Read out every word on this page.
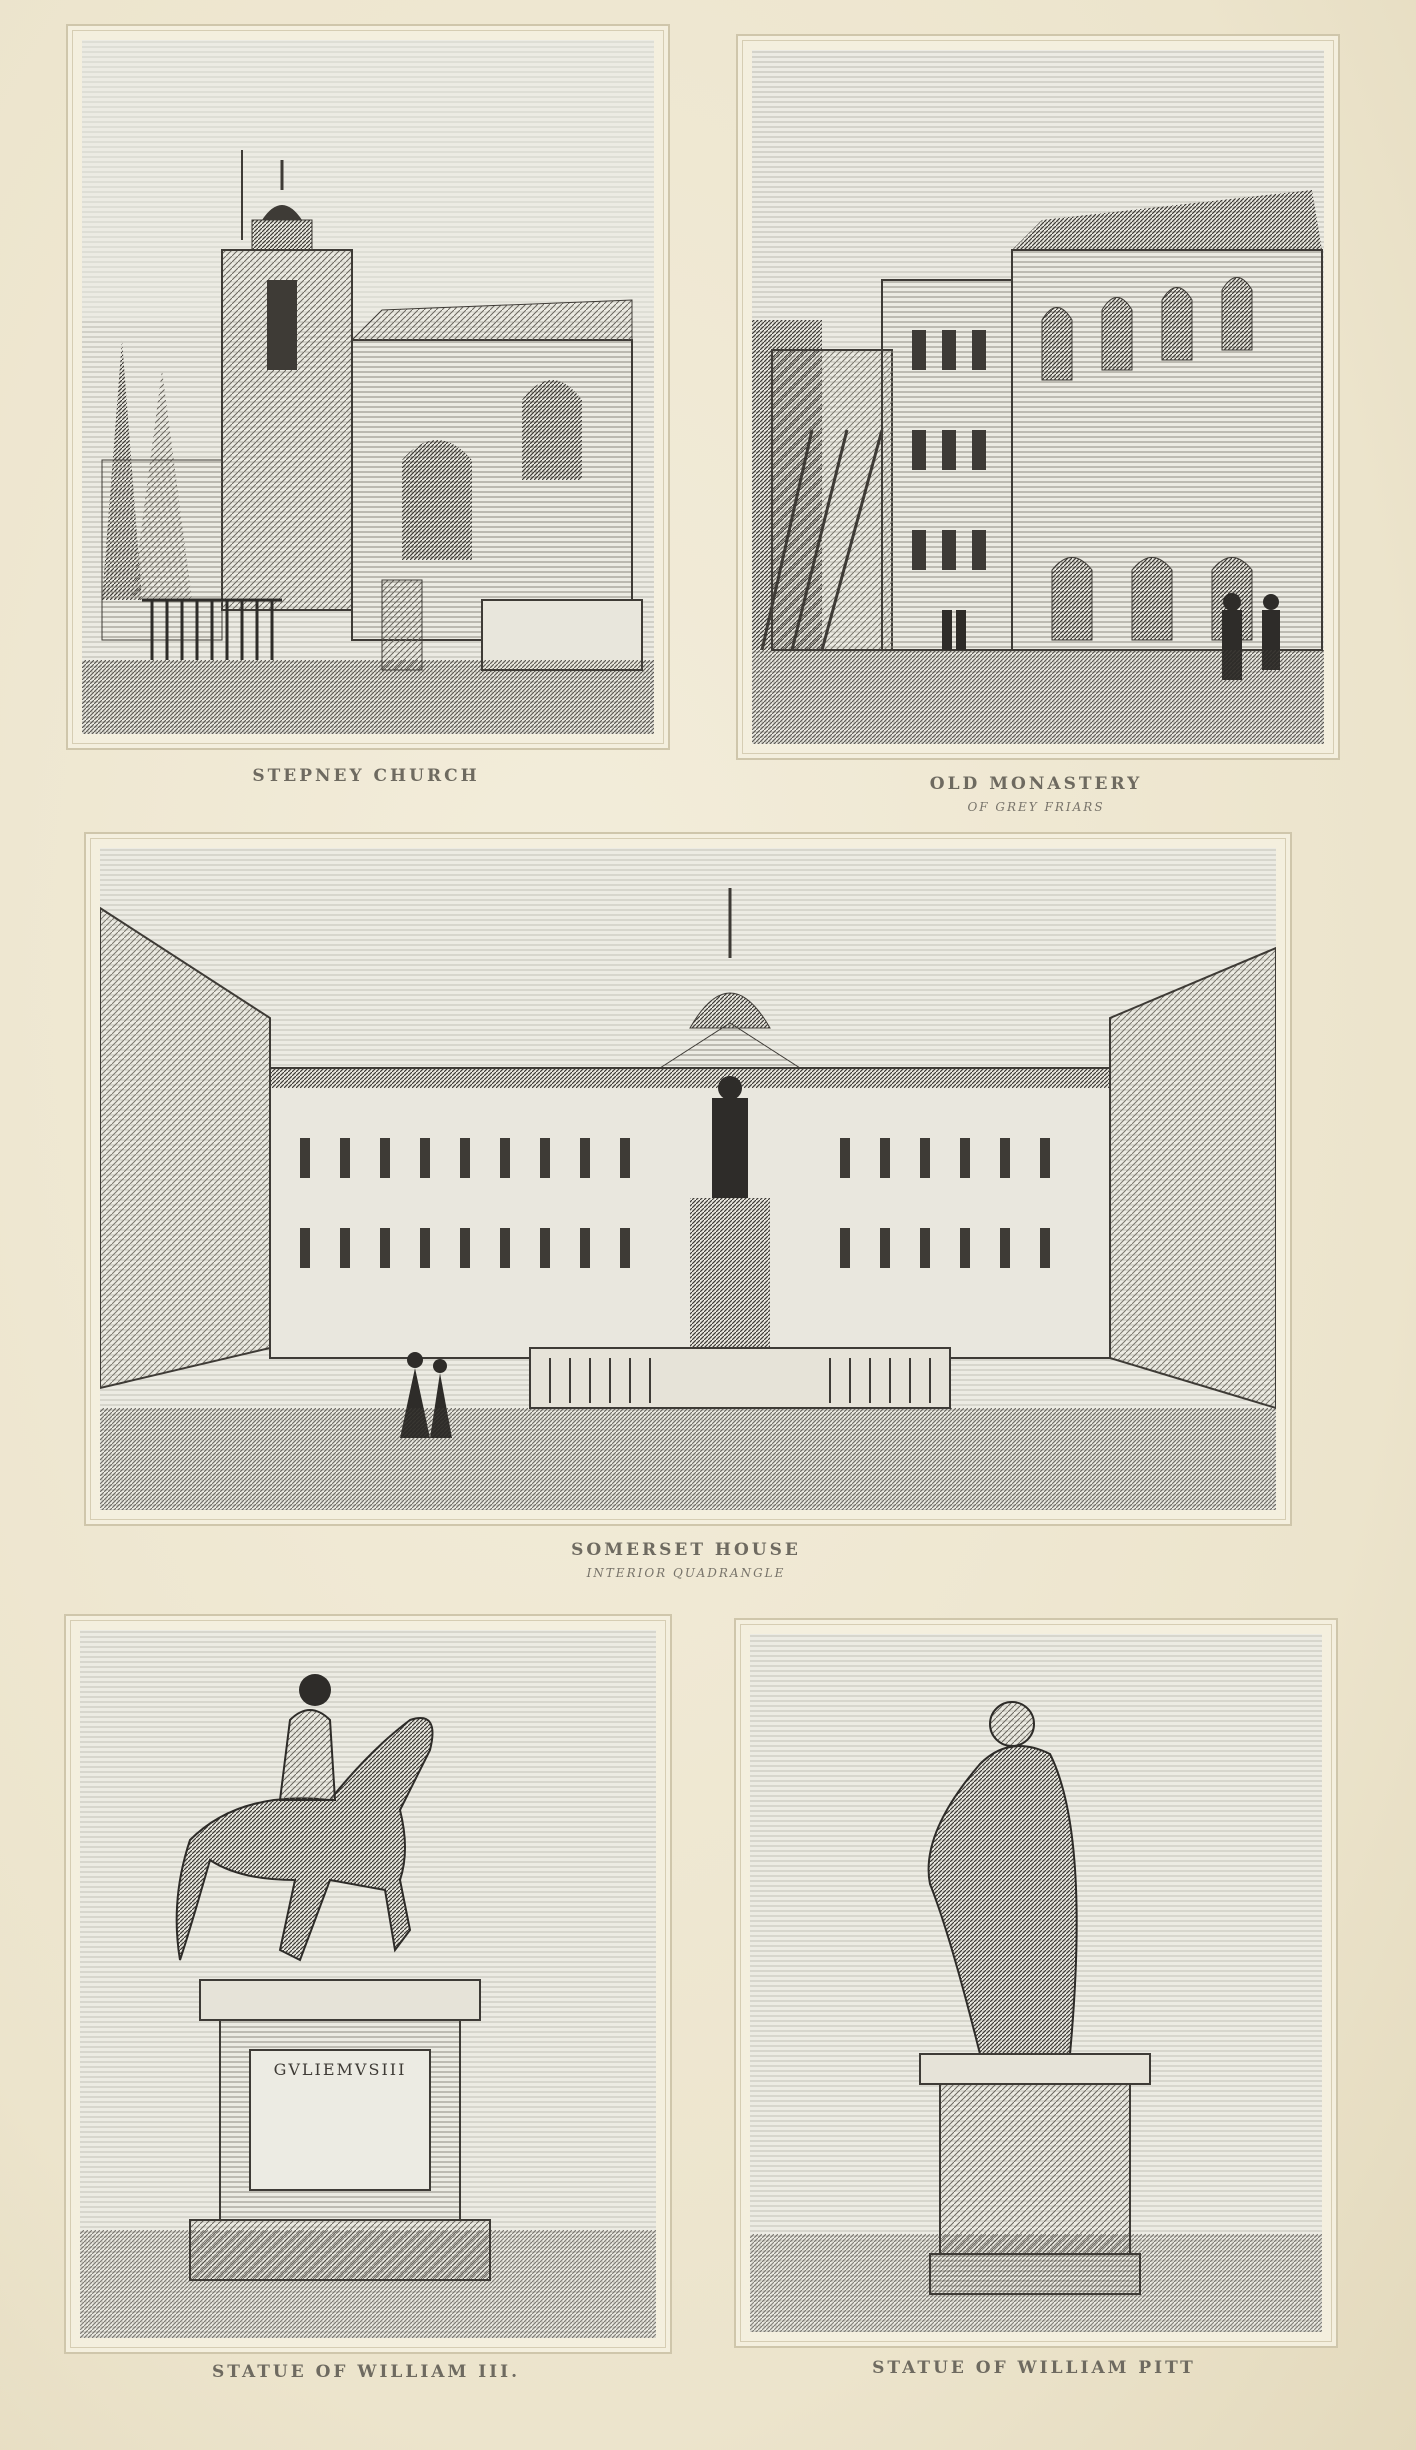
STEPNEY CHURCH	OLD MONASTERY
OF GREY FRIARS
SOMERSET HOUSE
INTERIOR QUADRANGLE
GVLIEMVSIII
STATUE OF WILLIAM III.	STATUE OF WILLIAM PITT
